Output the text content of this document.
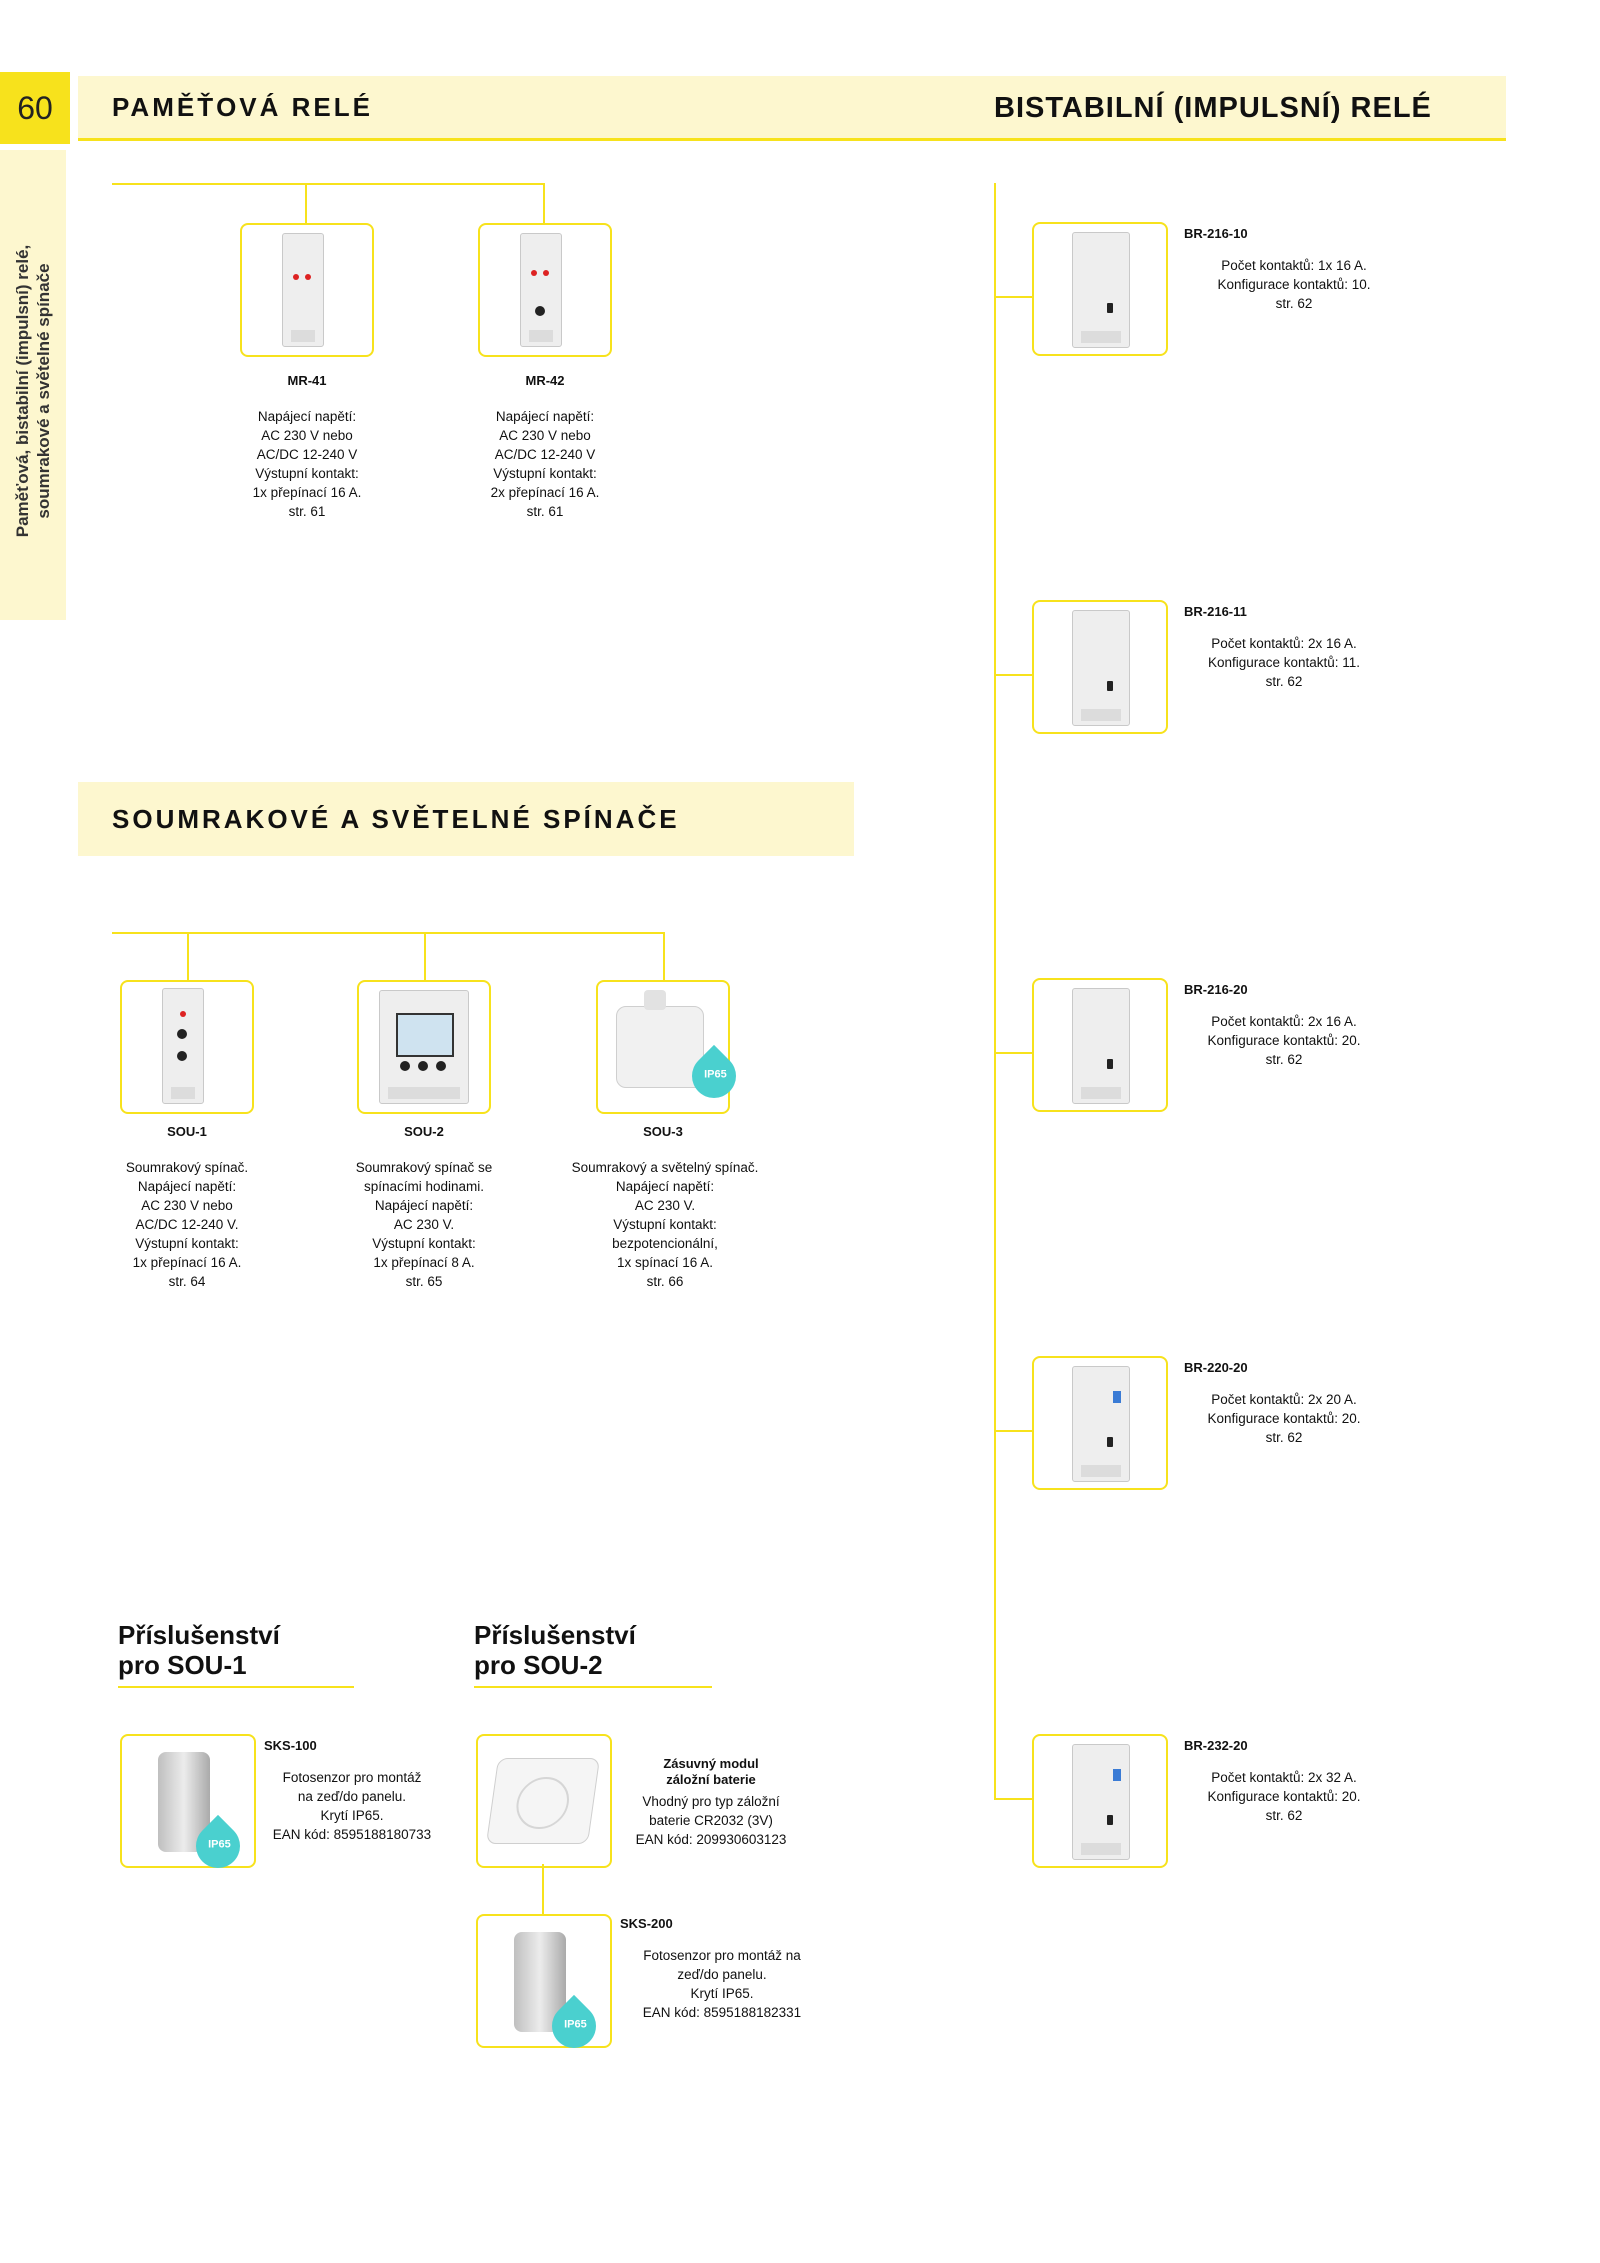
60
Paměťová, bistabilní (impulsní) relé,
soumrakové a světelné spínače
PAMĚŤOVÁ RELÉ	BISTABILNÍ (IMPULSNÍ) RELÉ
MR-41
Napájecí napětí:
AC 230 V nebo
AC/DC 12-240 V
Výstupní kontakt:
1x přepínací 16 A.
str. 61
MR-42
Napájecí napětí:
AC 230 V nebo
AC/DC 12-240 V
Výstupní kontakt:
2x přepínací 16 A.
str. 61
SOUMRAKOVÉ A SVĚTELNÉ SPÍNAČE
SOU-1
Soumrakový spínač.
Napájecí napětí:
AC 230 V nebo
AC/DC 12-240 V.
Výstupní kontakt:
1x přepínací 16 A.
str. 64
SOU-2
Soumrakový spínač se
spínacími hodinami.
Napájecí napětí:
AC 230 V.
Výstupní kontakt:
1x přepínací 8 A.
str. 65
IP65
SOU-3
Soumrakový a světelný spínač.
Napájecí napětí:
AC 230 V.
Výstupní kontakt:
bezpotencionální,
1x spínací 16 A.
str. 66
BR-216-10
Počet kontaktů: 1x 16 A.
Konfigurace kontaktů: 10.
str. 62
BR-216-11
Počet kontaktů: 2x 16 A.
Konfigurace kontaktů: 11.
str. 62
BR-216-20
Počet kontaktů: 2x 16 A.
Konfigurace kontaktů: 20.
str. 62
BR-220-20
Počet kontaktů: 2x 20 A.
Konfigurace kontaktů: 20.
str. 62
BR-232-20
Počet kontaktů: 2x 32 A.
Konfigurace kontaktů: 20.
str. 62
Příslušenství
pro SOU-1
IP65
SKS-100
Fotosenzor pro montáž
na zeď/do panelu.
Krytí IP65.
EAN kód: 8595188180733
Příslušenství
pro SOU-2
Zásuvný modul
záložní baterie
Vhodný pro typ záložní
baterie CR2032 (3V)
EAN kód: 209930603123
IP65
SKS-200
Fotosenzor pro montáž na
zeď/do panelu.
Krytí IP65.
EAN kód: 8595188182331
